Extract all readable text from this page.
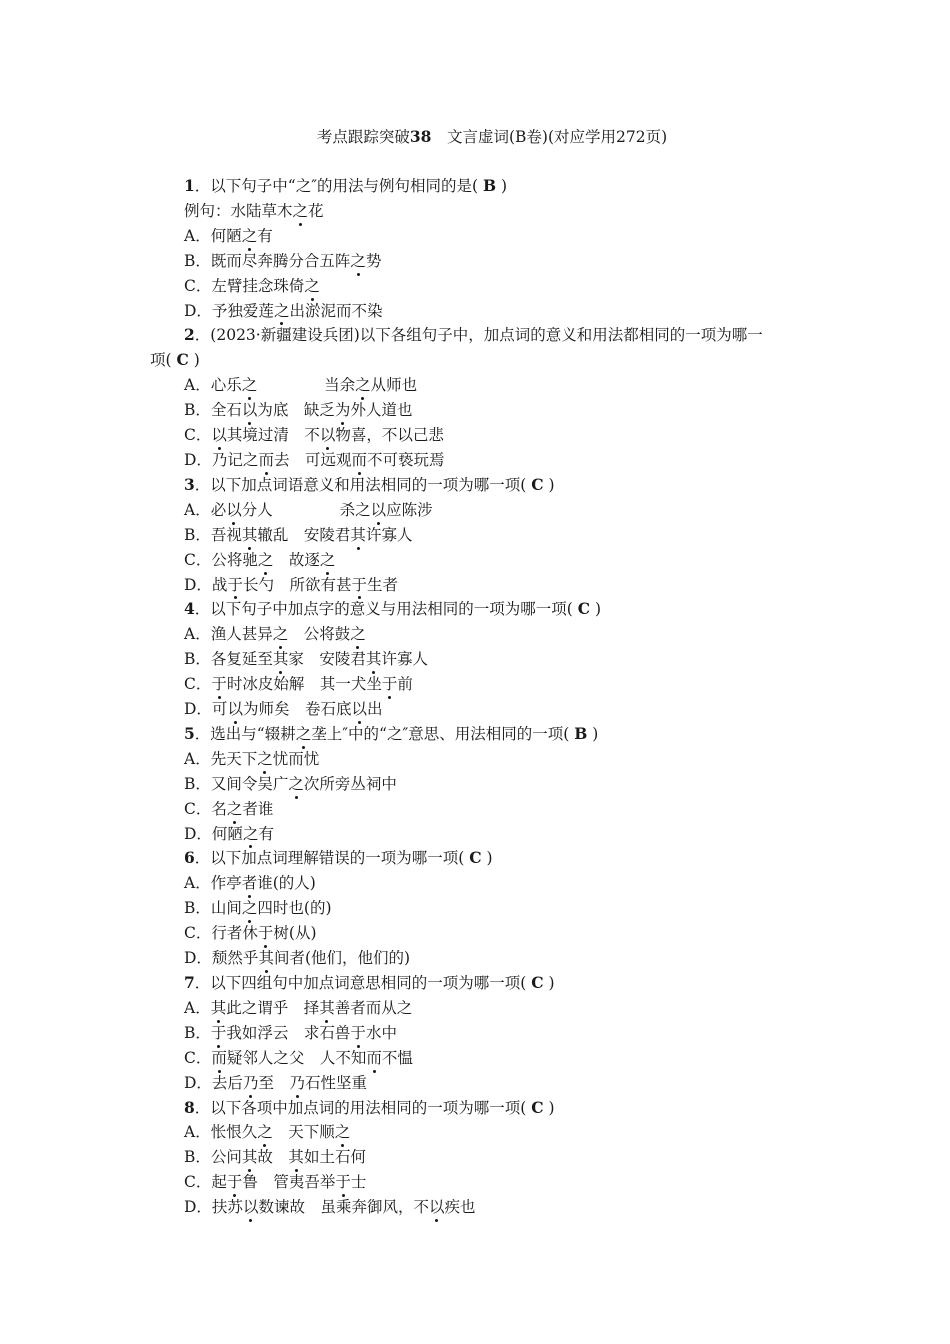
考点跟踪突破38　文言虚词(B卷)(对应学用272页)
1．以下句子中“之″的用法与例句相同的是( B )
例句：水陆草木之花
A．何陋之有
B．既而尽奔腾分合五阵之势
C．左臂挂念珠倚之
D．予独爱莲之出淤泥而不染
2．(2023·新疆建设兵团)以下各组句子中，加点词的意义和用法都相同的一项为哪一
项( C )
A．心乐之　　　　 当余之从师也
B．全石以为底　缺乏为外人道也
C．以其境过清　不以物喜，不以己悲
D．乃记之而去　可远观而不可亵玩焉
3．以下加点词语意义和用法相同的一项为哪一项( C )
A．必以分人　　　　 杀之以应陈涉
B．吾视其辙乱　安陵君其许寡人
C．公将驰之　故逐之
D．战于长勺　所欲有甚于生者
4．以下句子中加点字的意义与用法相同的一项为哪一项( C )
A．渔人甚异之　公将鼓之
B．各复延至其家　安陵君其许寡人
C．于时冰皮始解　其一犬坐于前
D．可以为师矣　卷石底以出
5．选出与“辍耕之垄上″中的“之″意思、用法相同的一项( B )
A．先天下之忧而忧
B．又间令吴广之次所旁丛祠中
C．名之者谁
D．何陋之有
6．以下加点词理解错误的一项为哪一项( C )
A．作亭者谁(的人)
B．山间之四时也(的)
C．行者休于树(从)
D．颓然乎其间者(他们，他们的)
7．以下四组句中加点词意思相同的一项为哪一项( C )
A．其此之谓乎　择其善者而从之
B．于我如浮云　求石兽于水中
C．而疑邻人之父　人不知而不愠
D．去后乃至　乃石性坚重
8．以下各项中加点词的用法相同的一项为哪一项( C )
A．怅恨久之　天下顺之
B．公问其故　其如土石何
C．起于鲁　管夷吾举于士
D．扶苏以数谏故　虽乘奔御风，不以疾也
